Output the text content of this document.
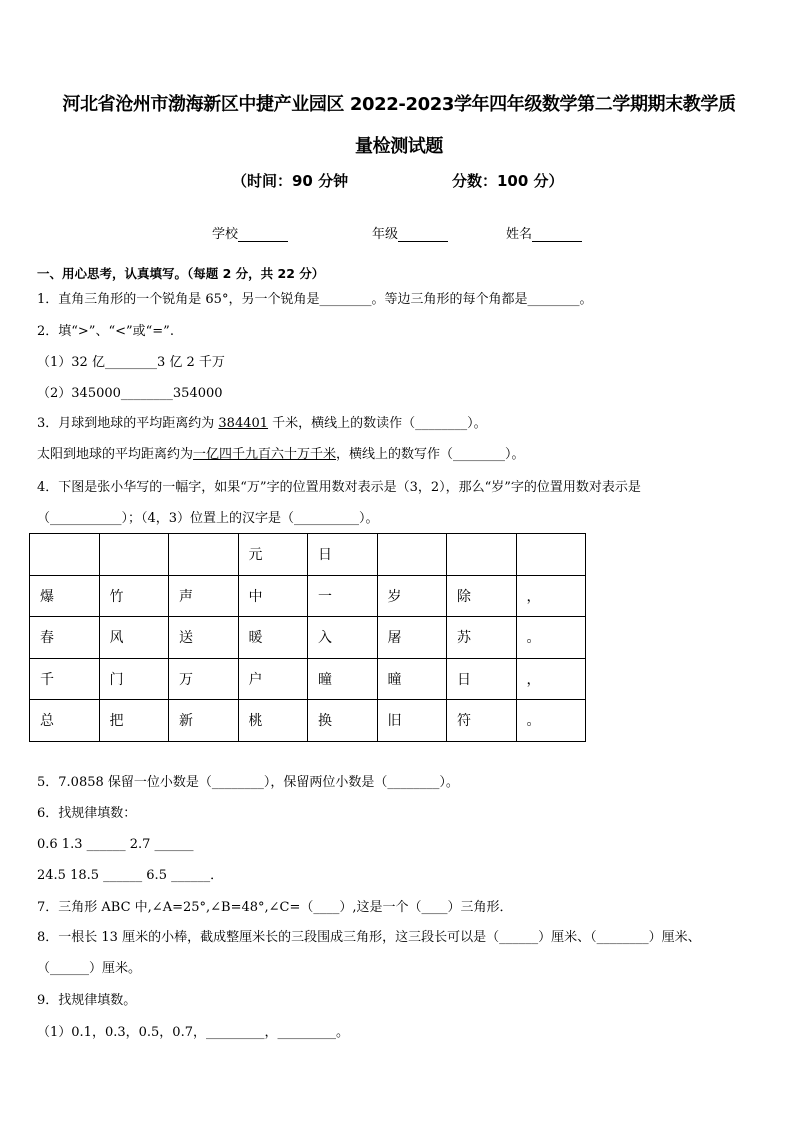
河北省沧州市渤海新区中捷产业园区 2022-2023学年四年级数学第二学期期末教学质
量检测试题
（时间：90 分钟	分数：100 分）
学校	年级	姓名
一、用心思考，认真填写。（每题 2 分，共 22 分）
1．直角三角形的一个锐角是 65°，另一个锐角是________。等边三角形的每个角都是________。
2．填“>”、“<”或“=”.
（1）32 亿________3 亿 2 千万
（2）345000________354000
3．月球到地球的平均距离约为 384401 千米，横线上的数读作（________）。
太阳到地球的平均距离约为一亿四千九百六十万千米，横线上的数写作（________）。
4．下图是张小华写的一幅字，如果“万”字的位置用数对表示是（3，2），那么“岁”字的位置用数对表示是
（___________）；（4，3）位置上的汉字是（__________）。
			元	日			
爆	竹	声	中	一	岁	除	，
春	风	送	暖	入	屠	苏	。
千	门	万	户	曈	曈	日	，
总	把	新	桃	换	旧	符	。
5．7.0858 保留一位小数是（________），保留两位小数是（________）。
6．找规律填数：
0.6 1.3 ______ 2.7 ______
24.5 18.5 ______ 6.5 ______．
7．三角形 ABC 中,∠A=25°,∠B=48°,∠C=（____）,这是一个（____）三角形．
8．一根长 13 厘米的小棒，截成整厘米长的三段围成三角形，这三段长可以是（______）厘米、（________）厘米、
（______）厘米。
9．找规律填数。
（1）0.1，0.3，0.5，0.7，_________，_________。
